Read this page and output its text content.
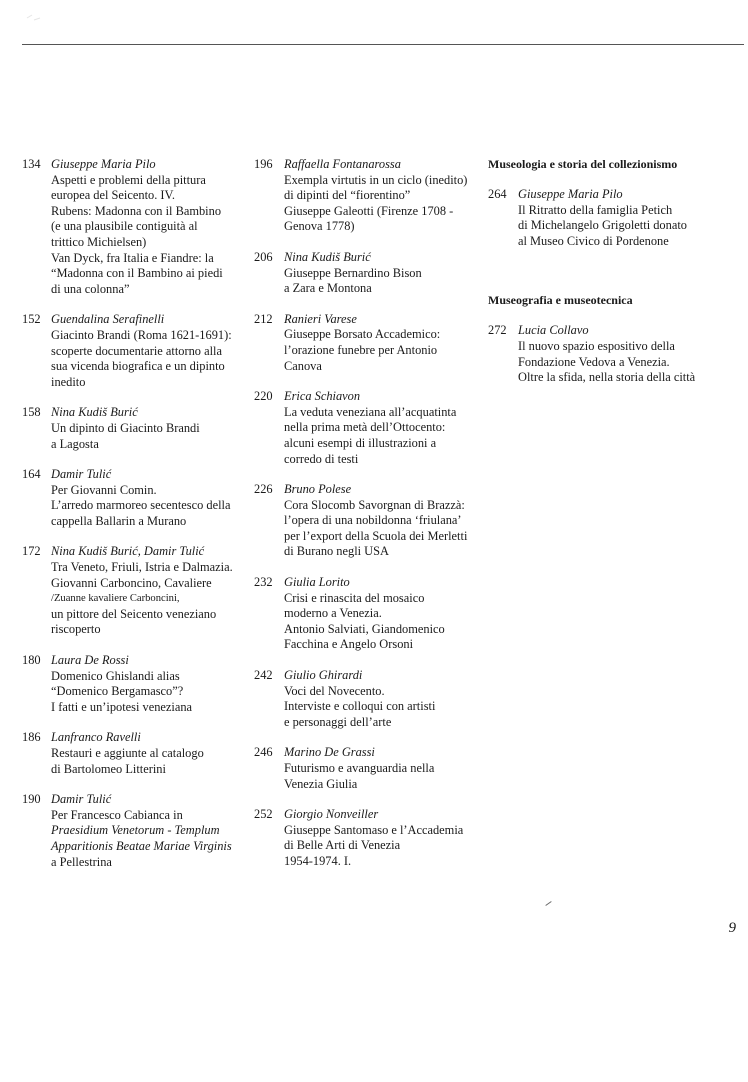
134 Giuseppe Maria Pilo
Aspetti e problemi della pittura
europea del Seicento. IV.
Rubens: Madonna con il Bambino
(e una plausibile contiguità al
trittico Michielsen)
Van Dyck, fra Italia e Fiandre: la
“Madonna con il Bambino ai piedi
di una colonna”
152 Guendalina Serafinelli
Giacinto Brandi (Roma 1621-1691):
scoperte documentarie attorno alla
sua vicenda biografica e un dipinto
inedito
158 Nina Kudiš Burić
Un dipinto di Giacinto Brandi
a Lagosta
164 Damir Tulić
Per Giovanni Comin.
L’arredo marmoreo secentesco della
cappella Ballarin a Murano
172 Nina Kudiš Burić, Damir Tulić
Tra Veneto, Friuli, Istria e Dalmazia.
Giovanni Carboncino, Cavaliere
/Zuanne kavaliere Carboncini,
un pittore del Seicento veneziano
riscoperto
180 Laura De Rossi
Domenico Ghislandi alias
“Domenico Bergamasco”?
I fatti e un’ipotesi veneziana
186 Lanfranco Ravelli
Restauri e aggiunte al catalogo
di Bartolomeo Litterini
190 Damir Tulić
Per Francesco Cabianca in
Praesidium Venetorum - Templum
Apparitionis Beatae Mariae Virginis
a Pellestrina
196 Raffaella Fontanarossa
Exempla virtutis in un ciclo (inedito)
di dipinti del “fiorentino”
Giuseppe Galeotti (Firenze 1708 -
Genova 1778)
206 Nina Kudiš Burić
Giuseppe Bernardino Bison
a Zara e Montona
212 Ranieri Varese
Giuseppe Borsato Accademico:
l’orazione funebre per Antonio
Canova
220 Erica Schiavon
La veduta veneziana all’acquatinta
nella prima metà dell’Ottocento:
alcuni esempi di illustrazioni a
corredo di testi
226 Bruno Polese
Cora Slocomb Savorgnan di Brazzà:
l’opera di una nobildonna ‘friulana’
per l’export della Scuola dei Merletti
di Burano negli USA
232 Giulia Lorito
Crisi e rinascita del mosaico
moderno a Venezia.
Antonio Salviati, Giandomenico
Facchina e Angelo Orsoni
242 Giulio Ghirardi
Voci del Novecento.
Interviste e colloqui con artisti
e personaggi dell’arte
246 Marino De Grassi
Futurismo e avanguardia nella
Venezia Giulia
252 Giorgio Nonveiller
Giuseppe Santomaso e l’Accademia
di Belle Arti di Venezia
1954-1974. I.
Museologia e storia del collezionismo
264 Giuseppe Maria Pilo
Il Ritratto della famiglia Petich
di Michelangelo Grigoletti donato
al Museo Civico di Pordenone
Museografia e museotecnica
272 Lucia Collavo
Il nuovo spazio espositivo della
Fondazione Vedova a Venezia.
Oltre la sfida, nella storia della città
9
